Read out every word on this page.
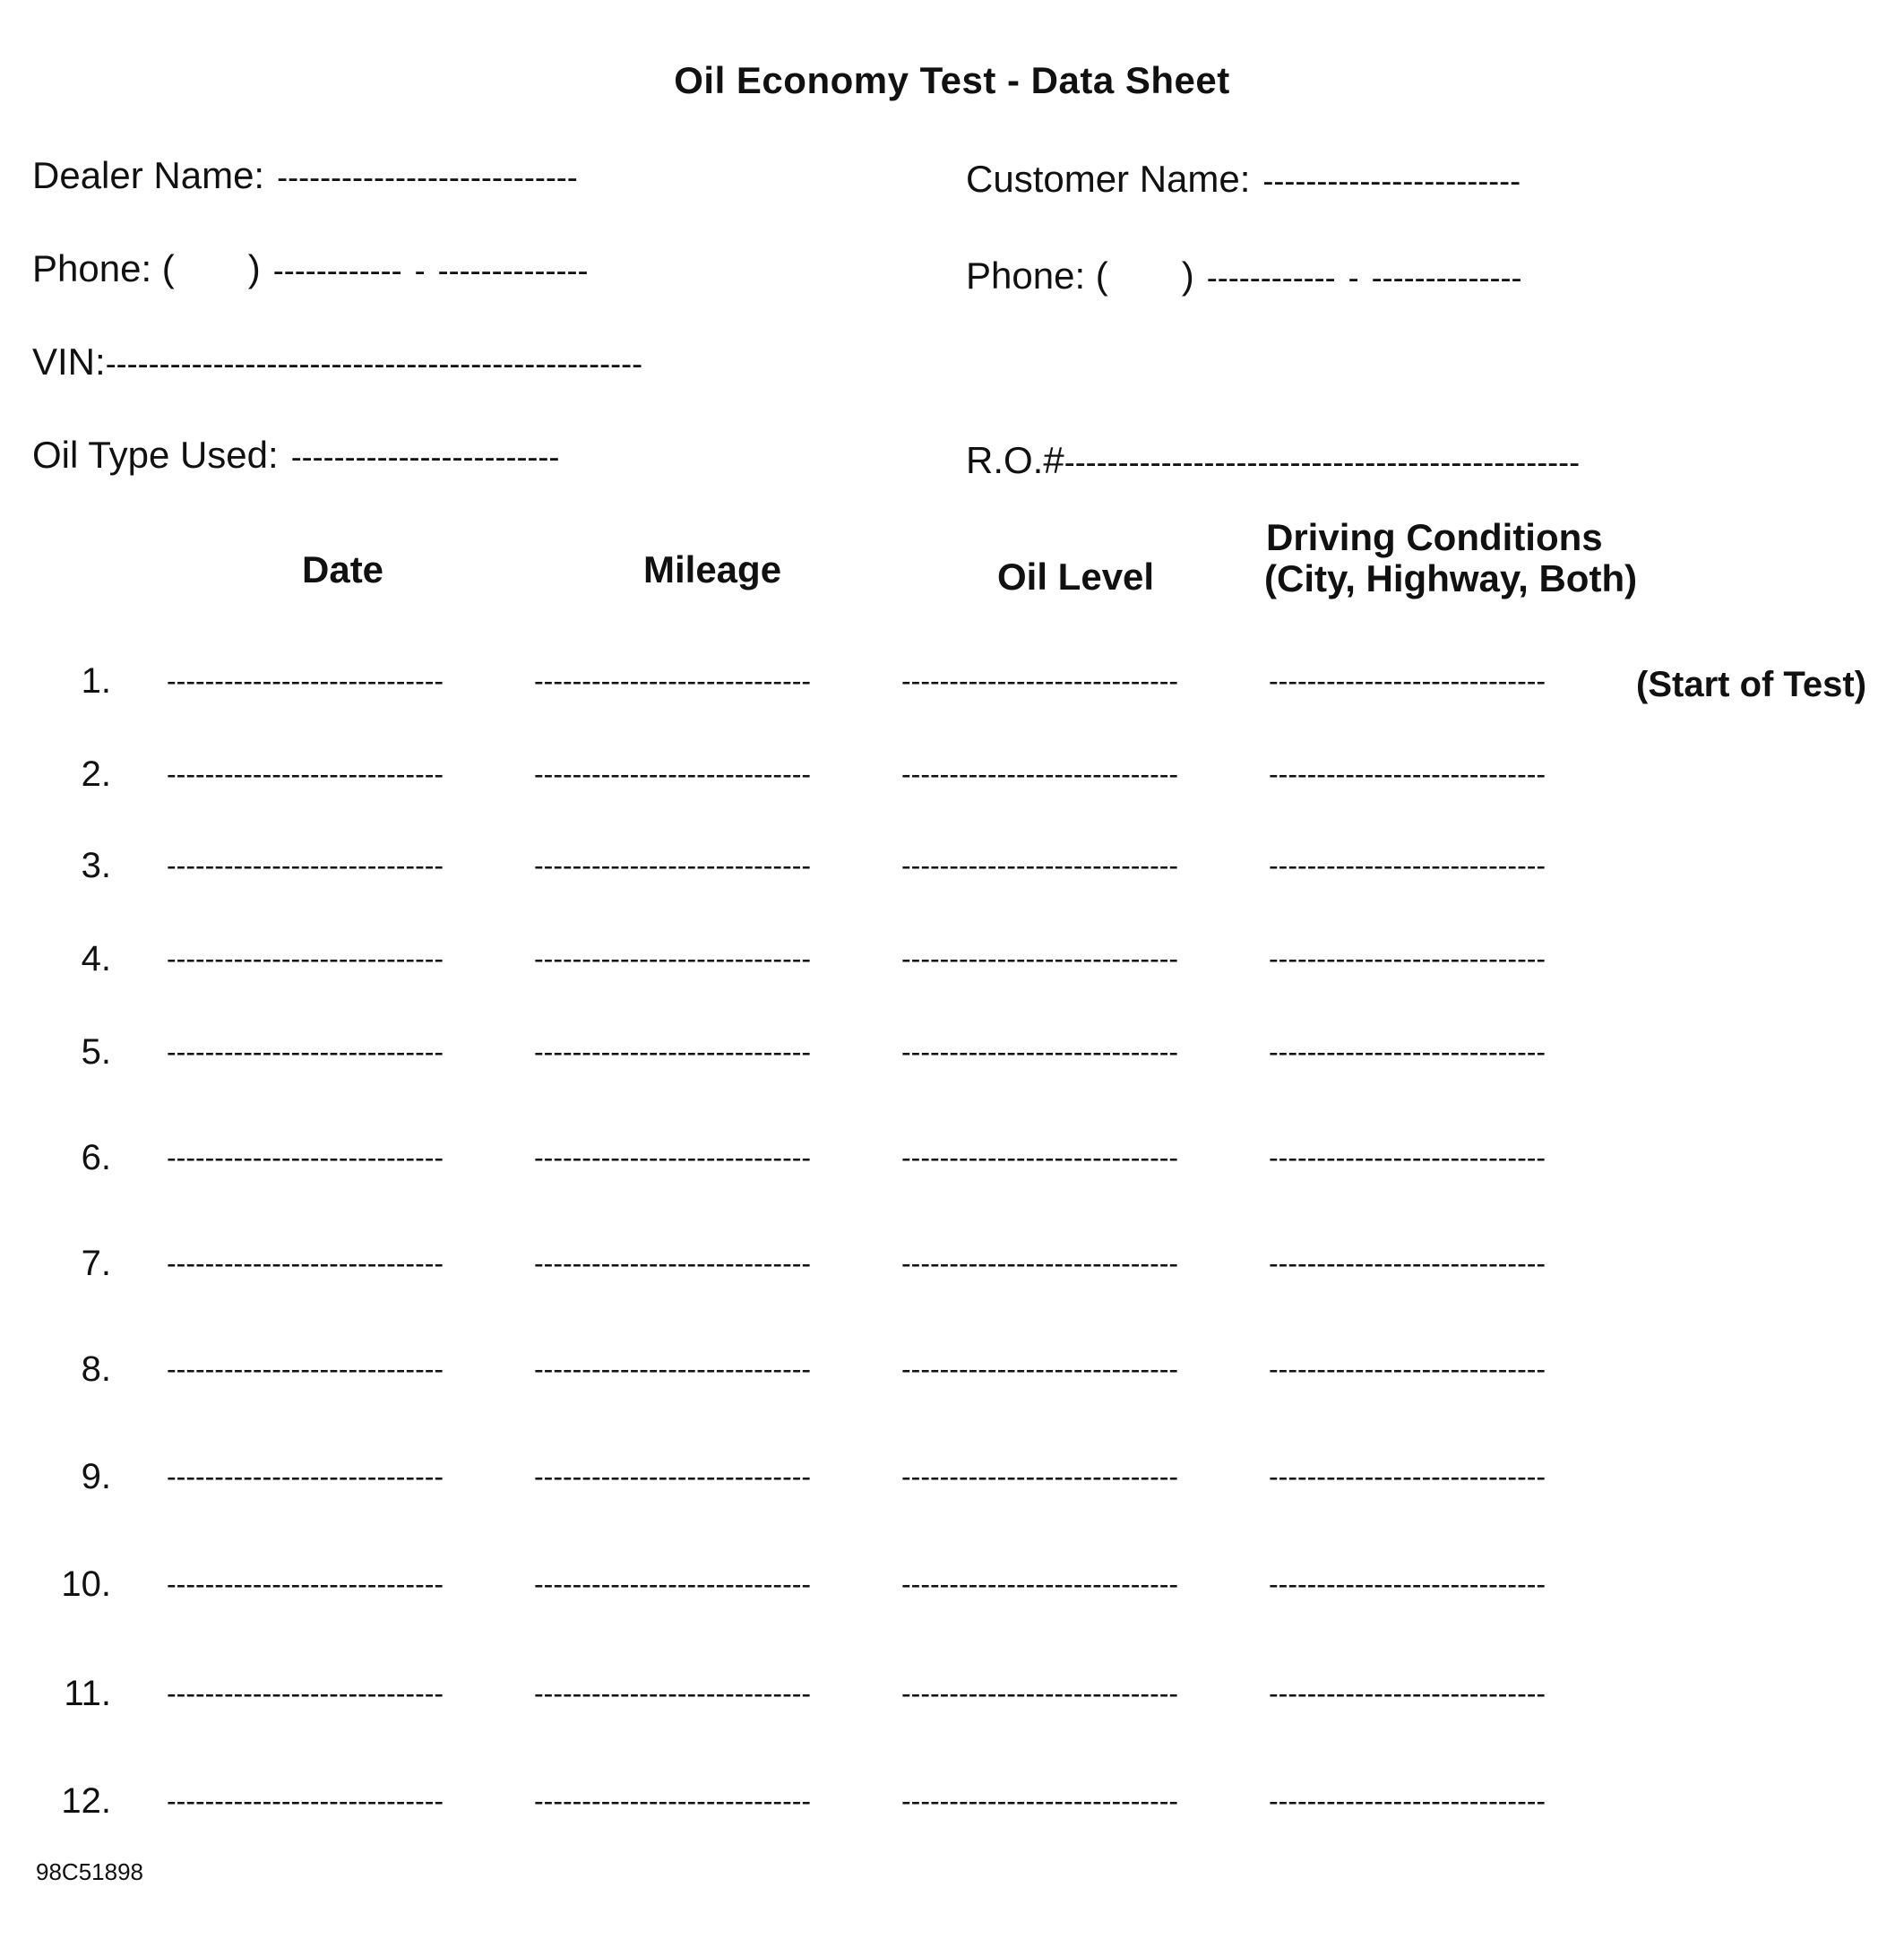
Oil Economy Test - Data Sheet
Dealer Name: ----------------------------	Customer Name: ------------------------
Phone: ( ) ------------ - --------------	Phone: ( ) ------------ - --------------
VIN: --------------------------------------------------
Oil Type Used: -------------------------	R.O.# ------------------------------------------------
Date	Mileage	Oil Level
Driving Conditions
(City, Highway, Both)
1. -----------------------------	-----------------------------	-----------------------------	-----------------------------
2. -----------------------------	-----------------------------	-----------------------------	-----------------------------
3. -----------------------------	-----------------------------	-----------------------------	-----------------------------
4. -----------------------------	-----------------------------	-----------------------------	-----------------------------
5. -----------------------------	-----------------------------	-----------------------------	-----------------------------
6. -----------------------------	-----------------------------	-----------------------------	-----------------------------
7. -----------------------------	-----------------------------	-----------------------------	-----------------------------
8. -----------------------------	-----------------------------	-----------------------------	-----------------------------
9. -----------------------------	-----------------------------	-----------------------------	-----------------------------
10. -----------------------------	-----------------------------	-----------------------------	-----------------------------
11. -----------------------------	-----------------------------	-----------------------------	-----------------------------
12. -----------------------------	-----------------------------	-----------------------------	-----------------------------
(Start of Test)
98C51898
